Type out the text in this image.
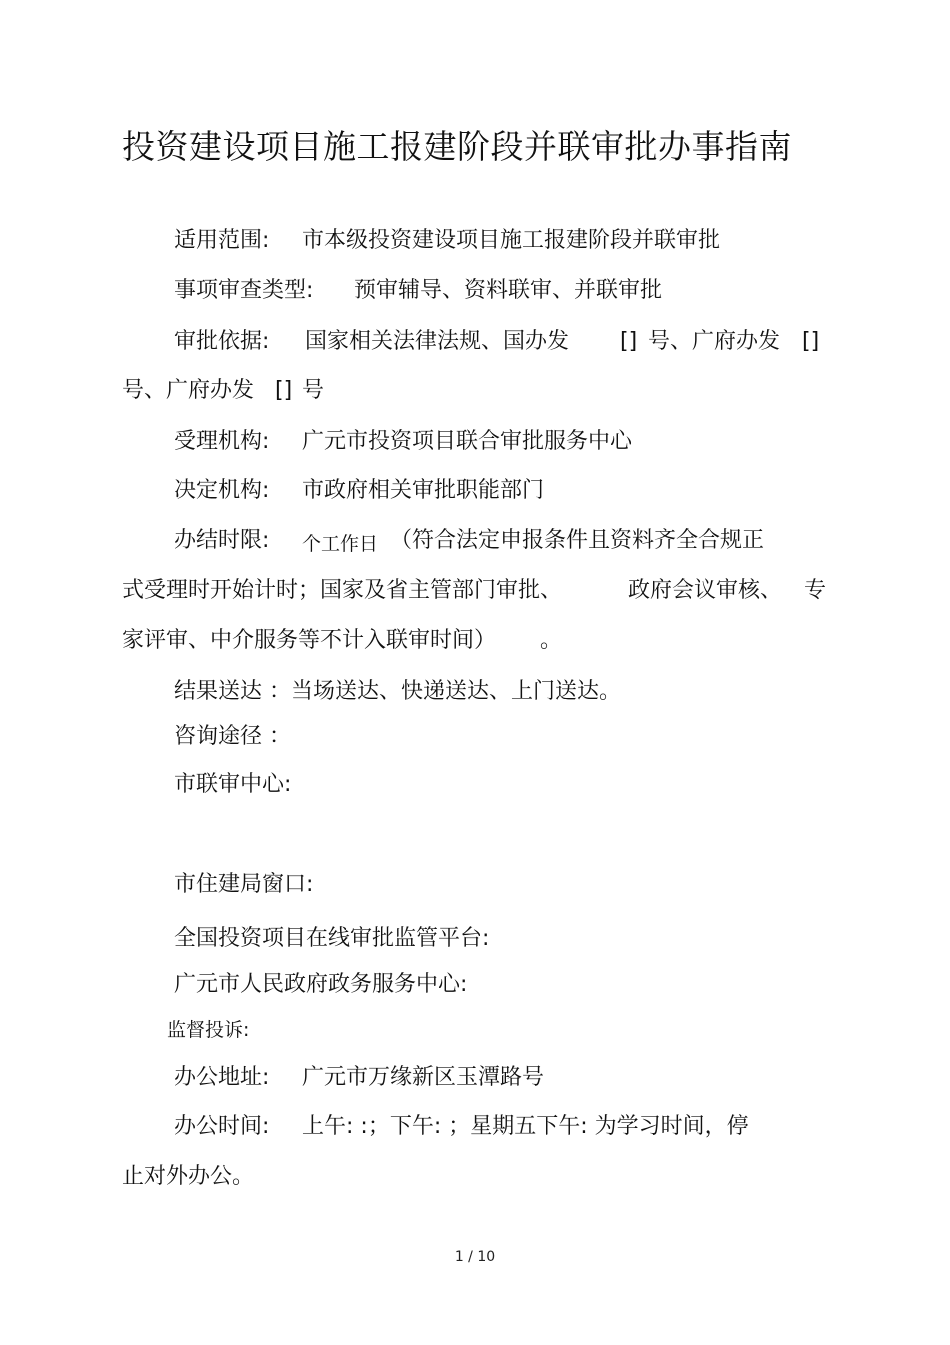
投资建设项目施工报建阶段并联审批办事指南
适用范围: 市本级投资建设项目施工报建阶段并联审批
事项审查类型: 预审辅导、资料联审、并联审批
审批依据: 国家相关法律法规、国办发 [] 号、广府办发 []
号、广府办发 [] 号
受理机构: 广元市投资项目联合审批服务中心
决定机构: 市政府相关审批职能部门
办结时限: 个工作日 （符合法定申报条件且资料齐全合规正
式受理时开始计时；国家及省主管部门审批、	政府会议审核、 专
家评审、中介服务等不计入联审时间） 。
结果送达 ：当场送达、快递送达、上门送达。
咨询途径 ：
市联审中心:
市住建局窗口:
全国投资项目在线审批监管平台:
广元市人民政府政务服务中心:
监督投诉:
办公地址: 广元市万缘新区玉潭路号
办公时间: 上午: :；下午: ；星期五下午: 为学习时间，停
止对外办公。
1 / 10
